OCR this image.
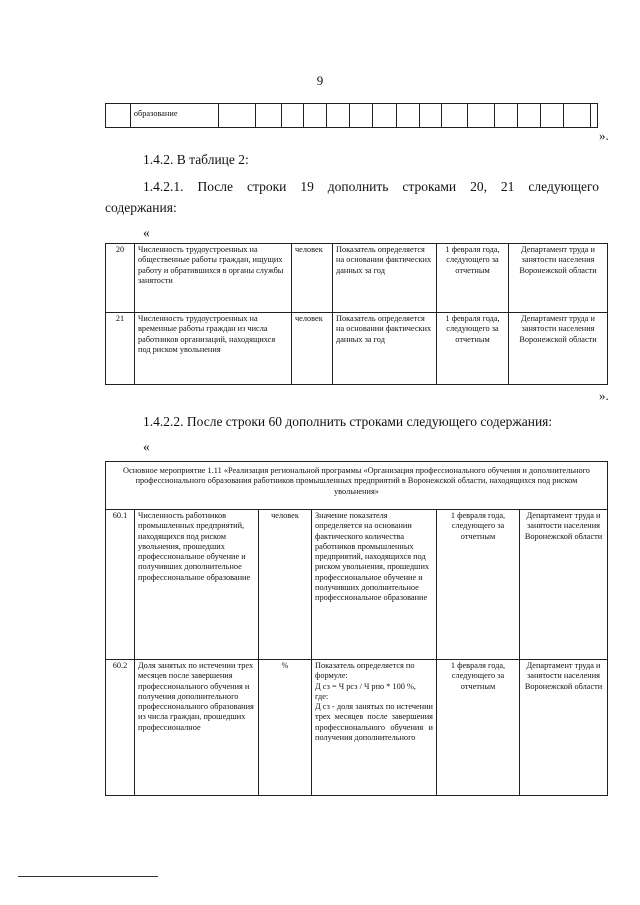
9
	образование																
».
1.4.2. В таблице 2:
1.4.2.1. После строки 19 дополнить строками 20, 21 следующего
содержания:
«
20	Численность трудоустроенных на общественные работы граждан, ищущих работу и обратившихся в органы службы занятости	человек	Показатель определяется на основании фактических данных за год	1 февраля года, следующего за отчетным	Департамент труда и занятости населения Воронежской области
21	Численность трудоустроенных на временные работы граждан из числа работников организаций, находящихся под риском увольнения	человек	Показатель определяется на основании фактических данных за год	1 февраля года, следующего за отчетным	Департамент труда и занятости населения Воронежской области
».
1.4.2.2. После строки 60 дополнить строками следующего содержания:
«
Основное мероприятие 1.11 «Реализация региональной программы «Организация профессионального обучения и дополнительного профессионального образования работников промышленных предприятий в Воронежской области, находящихся под риском увольнения»					
60.1	Численность работников промышленных предприятий, находящихся под риском увольнения, прошедших профессиональное обучение и получивших дополнительное профессиональное образование	человек	Значение показателя определяется на основании фактического количества работников промышленных предприятий, находящихся под риском увольнения, прошедших профессиональное обучение и получивших дополнительное профессиональное образование	1 февраля года, следующего за отчетным	Департамент труда и занятости населения Воронежской области
60.2	Доля занятых по истечении трех месяцев после завершения профессионального обучения и получения дополнительного профессионального образования из числа граждан, прошедших профессионалное	%	Показатель определяется по формуле:
Д сз = Ч рсз / Ч рпо * 100 %,
где:
Д сз - доля занятых по истечении трех месяцев после завершения профессионального обучения и получения дополнительного	1 февраля года, следующего за отчетным	Департамент труда и занятости населения Воронежской области
